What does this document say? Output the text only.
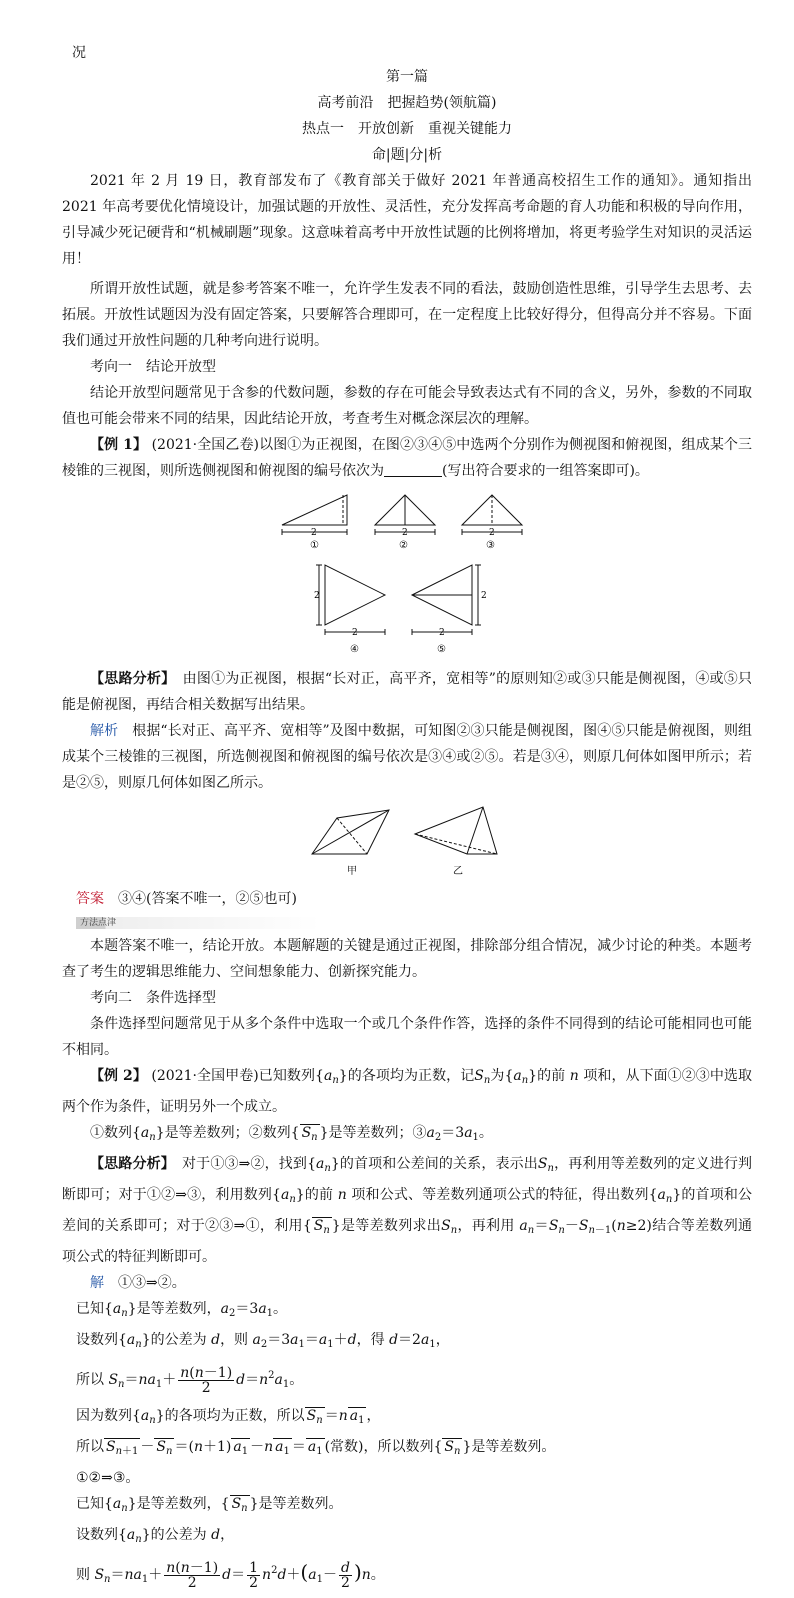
况

第一篇

高考前沿　把握趋势(领航篇)

热点一　开放创新　重视关键能力

命|题|分|析

2021 年 2 月 19 日，教育部发布了《教育部关于做好 2021 年普通高校招生工作的通知》。通知指出 2021 年高考要优化情境设计，加强试题的开放性、灵活性，充分发挥高考命题的育人功能和积极的导向作用，引导减少死记硬背和“机械刷题”现象。这意味着高考中开放性试题的比例将增加，将更考验学生对知识的灵活运用！

所谓开放性试题，就是参考答案不唯一，允许学生发表不同的看法，鼓励创造性思维，引导学生去思考、去拓展。开放性试题因为没有固定答案，只要解答合理即可，在一定程度上比较好得分，但得高分并不容易。下面我们通过开放性问题的几种考向进行说明。

考向一　结论开放型

结论开放型问题常见于含参的代数问题，参数的存在可能会导致表达式有不同的含义，另外，参数的不同取值也可能会带来不同的结果，因此结论开放，考查考生对概念深层次的理解。

【例 1】 (2021·全国乙卷)以图①为正视图，在图②③④⑤中选两个分别作为侧视图和俯视图，组成某个三棱锥的三视图，则所选侧视图和俯视图的编号依次为	(写出符合要求的一组答案即可)。

2
①
2
②
2
③
2
2
④
2
2
⑤

【思路分析】　 由图①为正视图，根据“长对正，高平齐，宽相等”的原则知②或③只能是侧视图，④或⑤只能是俯视图，再结合相关数据写出结果。

解析　 根据“长对正、高平齐、宽相等”及图中数据，可知图②③只能是侧视图，图④⑤只能是俯视图，则组成某个三棱锥的三视图，所选侧视图和俯视图的编号依次是③④或②⑤。若是③④，则原几何体如图甲所示；若是②⑤，则原几何体如图乙所示。

甲	乙

答案　 ③④(答案不唯一，②⑤也可)

方法点津

本题答案不唯一，结论开放。本题解题的关键是通过正视图，排除部分组合情况，减少讨论的种类。本题考查了考生的逻辑思维能力、空间想象能力、创新探究能力。

考向二　条件选择型

条件选择型问题常见于从多个条件中选取一个或几个条件作答，选择的条件不同得到的结论可能相同也可能不相同。

【例 2】 (2021·全国甲卷)已知数列$\{a_n\}$的各项均为正数，记$S_n$为$\{a_n\}$的前 n 项和，从下面①②③中选取两个作为条件，证明另外一个成立。

①数列$\{a_n\}$是等差数列；②数列{ $S_n$ }是等差数列；$③a_2=3a_1$。

【思路分析】　对于①③⇒②，找到$\{a_n\}$的首项和公差间的关系，表示出$S_n$，再利用等差数列的定义进行判断即可；对于①②⇒③，利用数列$\{a_n\}$的前 n 项和公式、等差数列通项公式的特征，得出数列$\{a_n\}$的首项和公差间的关系即可；对于②③⇒①，利用{ $S_n$ }是等差数列求出$S_n$，再利用 $a_n=S_n-S_{n-1}(n\ge 2)$结合等差数列通项公式的特征判断即可。

解　①③⇒②。

已知$\{a_n\}$是等差数列，$a_2=3a_1$。

设数列$\{a_n\}$的公差为 d，则 $a_2=3a_1=a_1+d$，得 $d=2a_1$，

所以 $S_n=na_1+ \frac{n(n-1)}{2} d=n^2a_1$。

因为数列$\{a_n\}$的各项均为正数，所以 $S_n =n$ $a_1$ ，

所以 $S_{n+1} - S_n =(n+1)$ $a_1 -n$ $a_1 = a_1$ (常数)，所以数列{ $S_n$ }是等差数列。

①②⇒③。

已知$\{a_n\}$是等差数列，{ $S_n$ }是等差数列。

设数列$\{a_n\}$的公差为 d，

则 $S_n=na_1+ \frac{n(n-1)}{2} d= \frac{1}{2} n^2d+(a_1- \frac{d}{2} )n$。
